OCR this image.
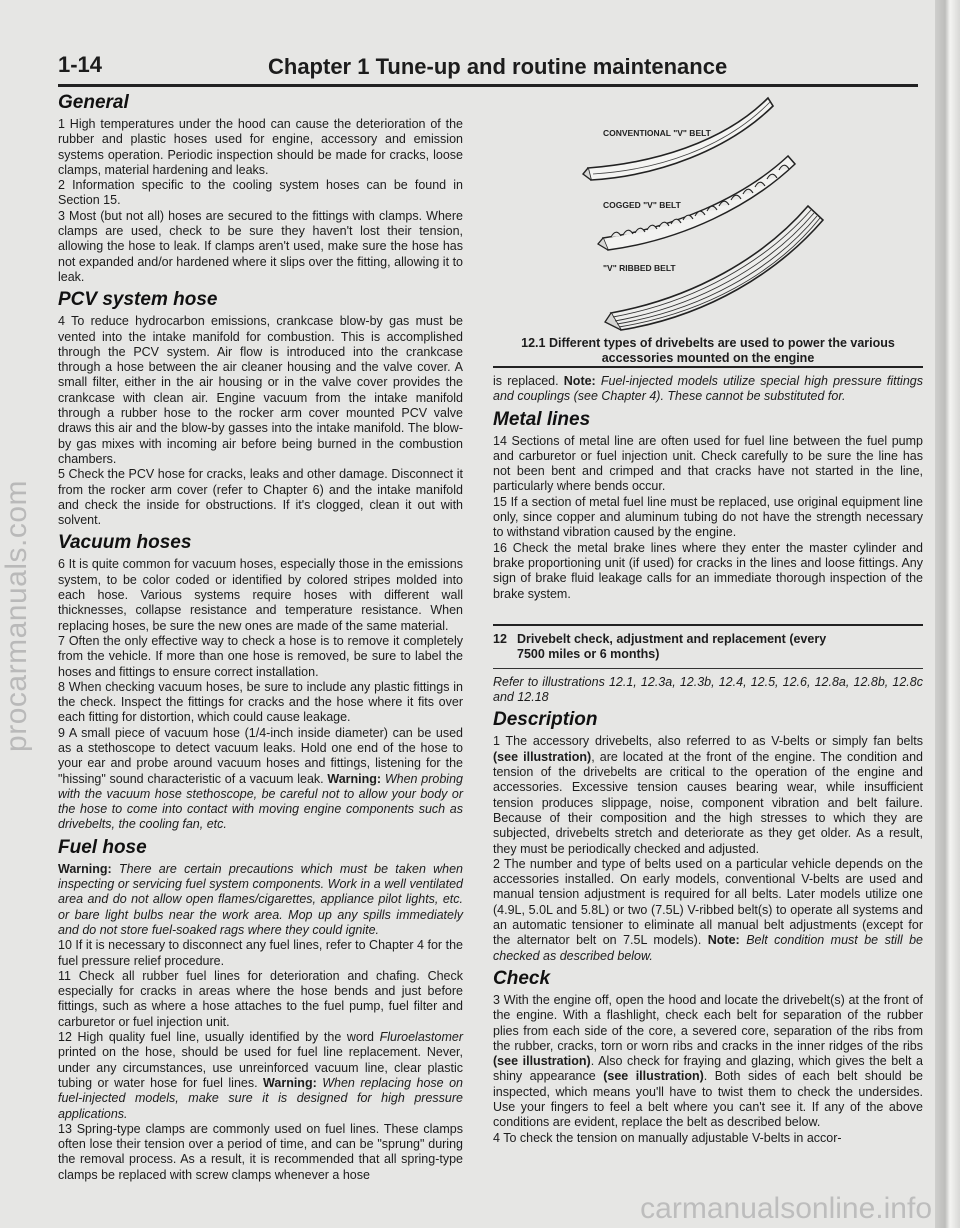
procarmanuals.com
carmanualsonline.info
1-14	Chapter 1 Tune-up and routine maintenance
General

1 High temperatures under the hood can cause the deterioration of the rubber and plastic hoses used for engine, accessory and emission systems operation. Periodic inspection should be made for cracks, loose clamps, material hardening and leaks.

2 Information specific to the cooling system hoses can be found in Section 15.

3 Most (but not all) hoses are secured to the fittings with clamps. Where clamps are used, check to be sure they haven't lost their tension, allowing the hose to leak. If clamps aren't used, make sure the hose has not expanded and/or hardened where it slips over the fitting, allowing it to leak.

PCV system hose

4 To reduce hydrocarbon emissions, crankcase blow-by gas must be vented into the intake manifold for combustion. This is accomplished through the PCV system. Air flow is introduced into the crankcase through a hose between the air cleaner housing and the valve cover. A small filter, either in the air housing or in the valve cover provides the crankcase with clean air. Engine vacuum from the intake manifold through a rubber hose to the rocker arm cover mounted PCV valve draws this air and the blow-by gasses into the intake manifold. The blow-by gas mixes with incoming air before being burned in the combustion chambers.

5 Check the PCV hose for cracks, leaks and other damage. Disconnect it from the rocker arm cover (refer to Chapter 6) and the intake manifold and check the inside for obstructions. If it's clogged, clean it out with solvent.

Vacuum hoses

6 It is quite common for vacuum hoses, especially those in the emissions system, to be color coded or identified by colored stripes molded into each hose. Various systems require hoses with different wall thicknesses, collapse resistance and temperature resistance. When replacing hoses, be sure the new ones are made of the same material.

7 Often the only effective way to check a hose is to remove it completely from the vehicle. If more than one hose is removed, be sure to label the hoses and fittings to ensure correct installation.

8 When checking vacuum hoses, be sure to include any plastic fittings in the check. Inspect the fittings for cracks and the hose where it fits over each fitting for distortion, which could cause leakage.

9 A small piece of vacuum hose (1/4-inch inside diameter) can be used as a stethoscope to detect vacuum leaks. Hold one end of the hose to your ear and probe around vacuum hoses and fittings, listening for the "hissing" sound characteristic of a vacuum leak. Warning: When probing with the vacuum hose stethoscope, be careful not to allow your body or the hose to come into contact with moving engine components such as drivebelts, the cooling fan, etc.

Fuel hose

Warning: There are certain precautions which must be taken when inspecting or servicing fuel system components. Work in a well ventilated area and do not allow open flames/cigarettes, appliance pilot lights, etc. or bare light bulbs near the work area. Mop up any spills immediately and do not store fuel-soaked rags where they could ignite.

10 If it is necessary to disconnect any fuel lines, refer to Chapter 4 for the fuel pressure relief procedure.

11 Check all rubber fuel lines for deterioration and chafing. Check especially for cracks in areas where the hose bends and just before fittings, such as where a hose attaches to the fuel pump, fuel filter and carburetor or fuel injection unit.

12 High quality fuel line, usually identified by the word Fluroelastomer printed on the hose, should be used for fuel line replacement. Never, under any circumstances, use unreinforced vacuum line, clear plastic tubing or water hose for fuel lines. Warning: When replacing hose on fuel-injected models, make sure it is designed for high pressure applications.

13 Spring-type clamps are commonly used on fuel lines. These clamps often lose their tension over a period of time, and can be "sprung" during the removal process. As a result, it is recommended that all spring-type clamps be replaced with screw clamps whenever a hose

CONVENTIONAL "V" BELT
COGGED "V" BELT
"V" RIBBED BELT
12.1 Different types of drivebelts are used to power the various
accessories mounted on the engine

is replaced. Note: Fuel-injected models utilize special high pressure fittings and couplings (see Chapter 4). These cannot be substituted for.

Metal lines

14 Sections of metal line are often used for fuel line between the fuel pump and carburetor or fuel injection unit. Check carefully to be sure the line has not been bent and crimped and that cracks have not started in the line, particularly where bends occur.

15 If a section of metal fuel line must be replaced, use original equipment line only, since copper and aluminum tubing do not have the strength necessary to withstand vibration caused by the engine.

16 Check the metal brake lines where they enter the master cylinder and brake proportioning unit (if used) for cracks in the lines and loose fittings. Any sign of brake fluid leakage calls for an immediate thorough inspection of the brake system.

12 Drivebelt check, adjustment and replacement (every
7500 miles or 6 months)

Refer to illustrations 12.1, 12.3a, 12.3b, 12.4, 12.5, 12.6, 12.8a, 12.8b, 12.8c and 12.18

Description

1 The accessory drivebelts, also referred to as V-belts or simply fan belts (see illustration), are located at the front of the engine. The condition and tension of the drivebelts are critical to the operation of the engine and accessories. Excessive tension causes bearing wear, while insufficient tension produces slippage, noise, component vibration and belt failure. Because of their composition and the high stresses to which they are subjected, drivebelts stretch and deteriorate as they get older. As a result, they must be periodically checked and adjusted.

2 The number and type of belts used on a particular vehicle depends on the accessories installed. On early models, conventional V-belts are used and manual tension adjustment is required for all belts. Later models utilize one (4.9L, 5.0L and 5.8L) or two (7.5L) V-ribbed belt(s) to operate all systems and an automatic tensioner to eliminate all manual belt adjustments (except for the alternator belt on 7.5L models). Note: Belt condition must be still be checked as described below.

Check

3 With the engine off, open the hood and locate the drivebelt(s) at the front of the engine. With a flashlight, check each belt for separation of the rubber plies from each side of the core, a severed core, separation of the ribs from the rubber, cracks, torn or worn ribs and cracks in the inner ridges of the ribs (see illustration). Also check for fraying and glazing, which gives the belt a shiny appearance (see illustration). Both sides of each belt should be inspected, which means you'll have to twist them to check the undersides. Use your fingers to feel a belt where you can't see it. If any of the above conditions are evident, replace the belt as described below.

4 To check the tension on manually adjustable V-belts in accor-
